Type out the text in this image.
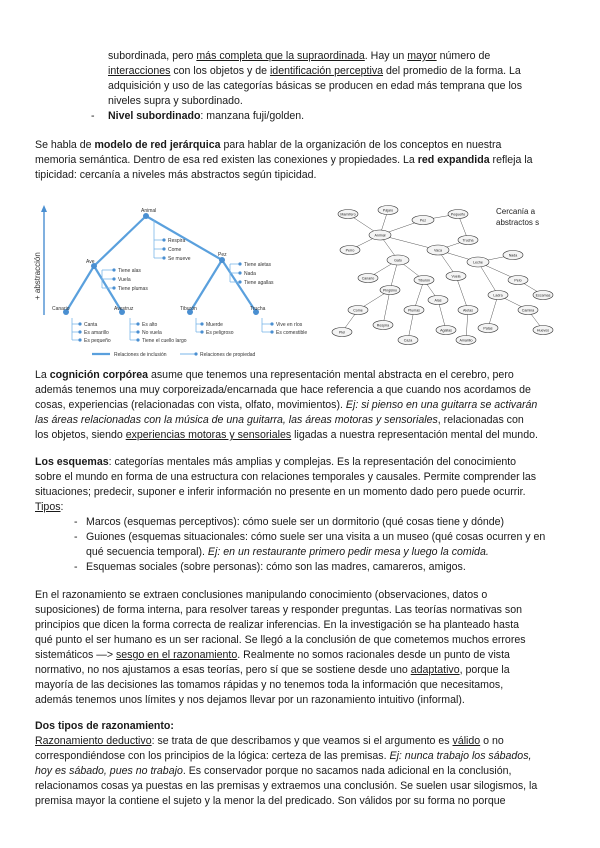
subordinada, pero más completa que la supraordinada. Hay un mayor número de

interacciones con los objetos y de identificación perceptiva del promedio de la forma. La

adquisición y uso de las categorías básicas se producen en edad más temprana que los

niveles supra y subordinado.

- Nivel subordinado: manzana fuji/golden.

Se habla de modelo de red jerárquica para hablar de la organización de los conceptos en nuestra

memoria semántica. Dentro de esa red existen las conexiones y propiedades. La red expandida refleja la

tipicidad: cercanía a niveles más abstractos según tipicidad.

+ abstracción
Animal
Ave
Pez
Canario	Avestruz	Tiburón	Trucha
Respira
Come
Se mueve
Tiene alas
Vuela
Tiene plumas
Tiene aletas
Nada
Tiene agallas
Canta
Es amarillo
Es pequeño
Es alto
No vuela
Tiene el cuello largo
Muerde
Es peligroso
Vive en ríos
Es comestible
Relaciones de inclusión	Relaciones de propiedad
Cercanía a
abstractos s
Animal
Mamífero
Pájaro
Pez
Perro
Gato
Vaca
Canario
Pingüino
Tiburón
Trucha
Leche
Vuela
Nada
Pelo
Ladra
Alas
Plumas
Come
Respira
Aletas	Camina
Patas
Escamas
Huevos
Agallas
Caza
Piel
Amarillo
Pequeño

La cognición corpórea asume que tenemos una representación mental abstracta en el cerebro, pero

además tenemos una muy corporeizada/encarnada que hace referencia a que cuando nos acordamos de

cosas, experiencias (relacionadas con vista, olfato, movimientos). Ej: si pienso en una guitarra se activarán

las áreas relacionadas con la música de una guitarra, las áreas motoras y sensoriales, relacionadas con

los objetos, siendo experiencias motoras y sensoriales ligadas a nuestra representación mental del mundo.

Los esquemas: categorías mentales más amplias y complejas. Es la representación del conocimiento

sobre el mundo en forma de una estructura con relaciones temporales y causales. Permite comprender las

situaciones; predecir, suponer e inferir información no presente en un momento dado pero puede ocurrir.

Tipos:

- Marcos (esquemas perceptivos): cómo suele ser un dormitorio (qué cosas tiene y dónde)

- Guiones (esquemas situacionales: cómo suele ser una visita a un museo (qué cosas ocurren y en

qué secuencia temporal). Ej: en un restaurante primero pedir mesa y luego la comida.

- Esquemas sociales (sobre personas): cómo son las madres, camareros, amigos.

En el razonamiento se extraen conclusiones manipulando conocimiento (observaciones, datos o

suposiciones) de forma interna, para resolver tareas y responder preguntas. Las teorías normativas son

principios que dicen la forma correcta de realizar inferencias. En la investigación se ha planteado hasta

qué punto el ser humano es un ser racional. Se llegó a la conclusión de que cometemos muchos errores

sistemáticos —> sesgo en el razonamiento. Realmente no somos racionales desde un punto de vista

normativo, no nos ajustamos a esas teorías, pero sí que se sostiene desde uno adaptativo, porque la

mayoría de las decisiones las tomamos rápidas y no tenemos toda la información que necesitamos,

además tenemos unos límites y nos dejamos llevar por un razonamiento intuitivo (informal).

Dos tipos de razonamiento:

Razonamiento deductivo: se trata de que describamos y que veamos si el argumento es válido o no

correspondiéndose con los principios de la lógica: certeza de las premisas. Ej: nunca trabajo los sábados,

hoy es sábado, pues no trabajo. Es conservador porque no sacamos nada adicional en la conclusión,

relacionamos cosas ya puestas en las premisas y extraemos una conclusión. Se suelen usar silogismos, la

premisa mayor la contiene el sujeto y la menor la del predicado. Son válidos por su forma no porque
